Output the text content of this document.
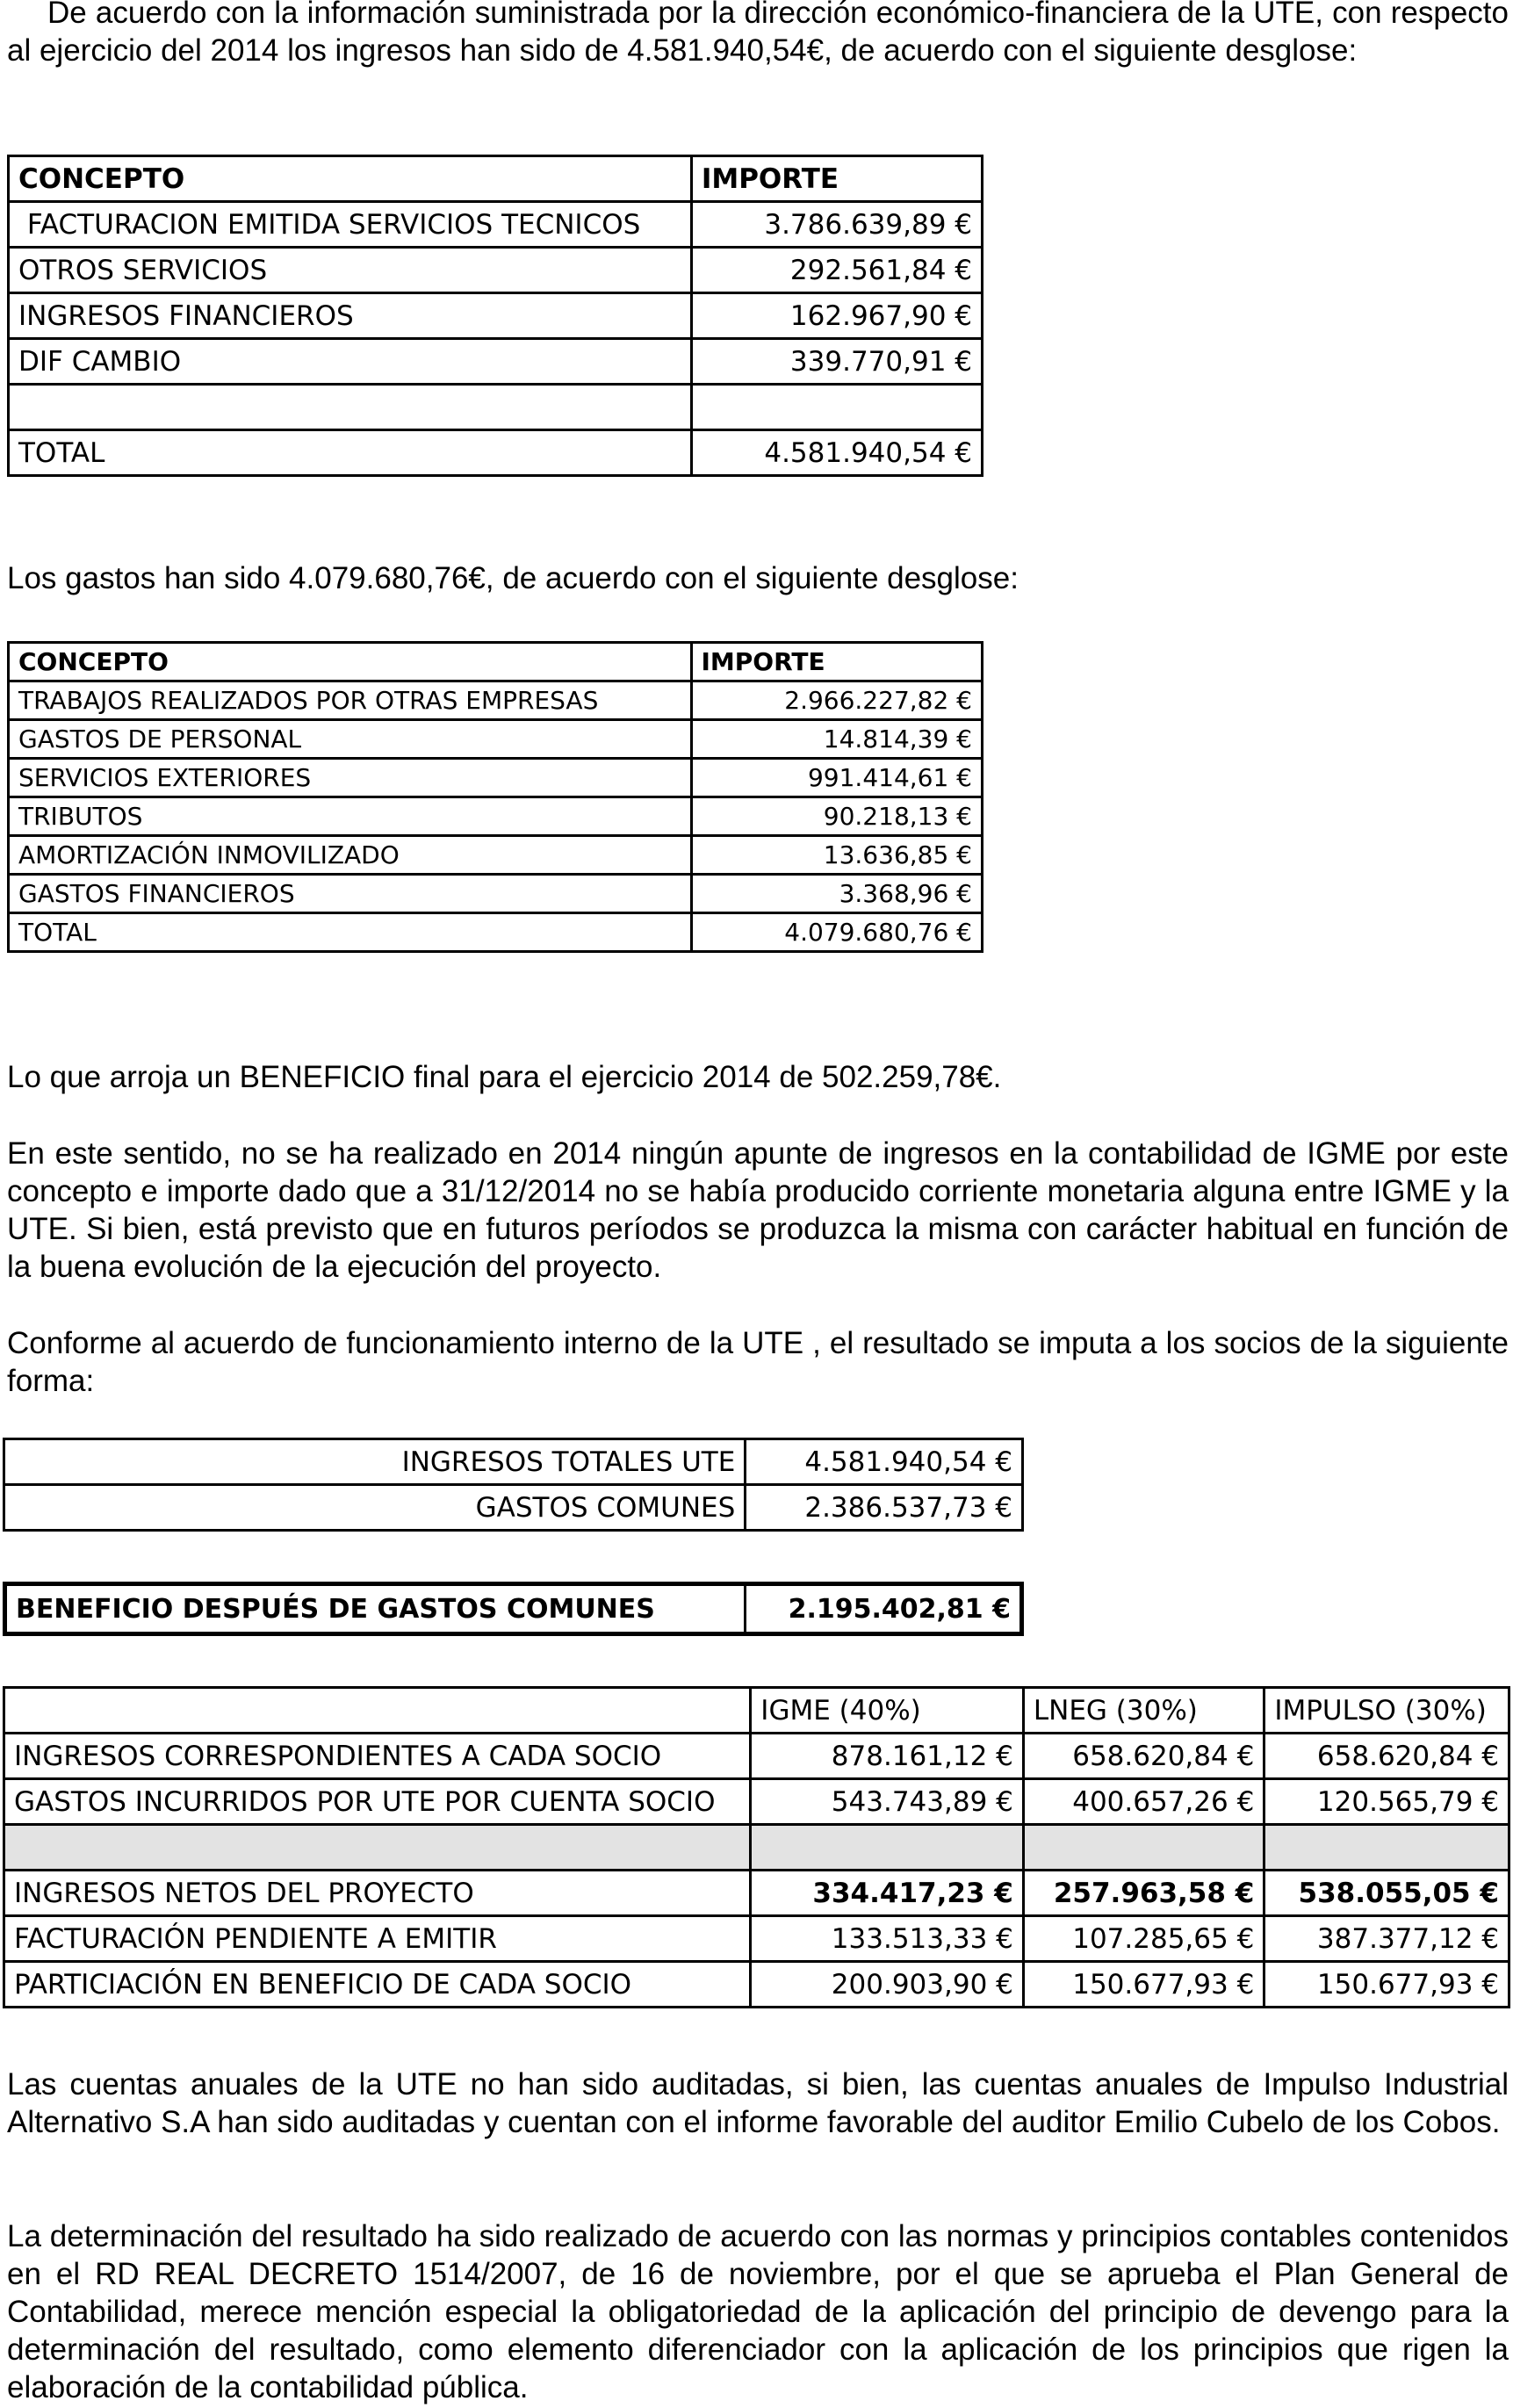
De acuerdo con la información suministrada por la dirección económico-financiera de la UTE, con respecto al ejercicio del 2014 los ingresos han sido de 4.581.940,54€, de acuerdo con el siguiente desglose:

CONCEPTO	IMPORTE
FACTURACION EMITIDA SERVICIOS TECNICOS	3.786.639,89 €
OTROS SERVICIOS	292.561,84 €
INGRESOS FINANCIEROS	162.967,90 €
DIF CAMBIO	339.770,91 €

TOTAL	4.581.940,54 €

Los gastos han sido 4.079.680,76€, de acuerdo con el siguiente desglose:

CONCEPTO	IMPORTE
TRABAJOS REALIZADOS POR OTRAS EMPRESAS	2.966.227,82 €
GASTOS DE PERSONAL	14.814,39 €
SERVICIOS EXTERIORES	991.414,61 €
TRIBUTOS	90.218,13 €
AMORTIZACIÓN INMOVILIZADO	13.636,85 €
GASTOS FINANCIEROS	3.368,96 €
TOTAL	4.079.680,76 €

Lo que arroja un BENEFICIO final para el ejercicio 2014 de 502.259,78€.

En este sentido, no se ha realizado en 2014 ningún apunte de ingresos en la contabilidad de IGME por este concepto e importe dado que a 31/12/2014 no se había producido corriente monetaria alguna entre IGME y la UTE. Si bien, está previsto que en futuros períodos se produzca la misma con carácter habitual en función de la buena evolución de la ejecución del proyecto.

Conforme al acuerdo de funcionamiento interno de la UTE , el resultado se imputa a los socios de la siguiente forma:

INGRESOS TOTALES UTE	4.581.940,54 €
GASTOS COMUNES	2.386.537,73 €
BENEFICIO DESPUÉS DE GASTOS COMUNES	2.195.402,81 €
	IGME (40%)	LNEG (30%)	IMPULSO (30%)
INGRESOS CORRESPONDIENTES A CADA SOCIO	878.161,12 €	658.620,84 €	658.620,84 €
GASTOS INCURRIDOS POR UTE POR CUENTA SOCIO	543.743,89 €	400.657,26 €	120.565,79 €

INGRESOS NETOS DEL PROYECTO	334.417,23 €	257.963,58 €	538.055,05 €
FACTURACIÓN PENDIENTE A EMITIR	133.513,33 €	107.285,65 €	387.377,12 €
PARTICIACIÓN EN BENEFICIO DE CADA SOCIO	200.903,90 €	150.677,93 €	150.677,93 €

Las cuentas anuales de la UTE no han sido auditadas, si bien, las cuentas anuales de Impulso Industrial Alternativo S.A han sido auditadas y cuentan con el informe favorable del auditor Emilio Cubelo de los Cobos.

La determinación del resultado ha sido realizado de acuerdo con las normas y principios contables contenidos en el RD REAL DECRETO 1514/2007, de 16 de noviembre, por el que se aprueba el Plan General de Contabilidad, merece mención especial la obligatoriedad de la aplicación del principio de devengo para la determinación del resultado, como elemento diferenciador con la aplicación de los principios que rigen la elaboración de la contabilidad pública.
